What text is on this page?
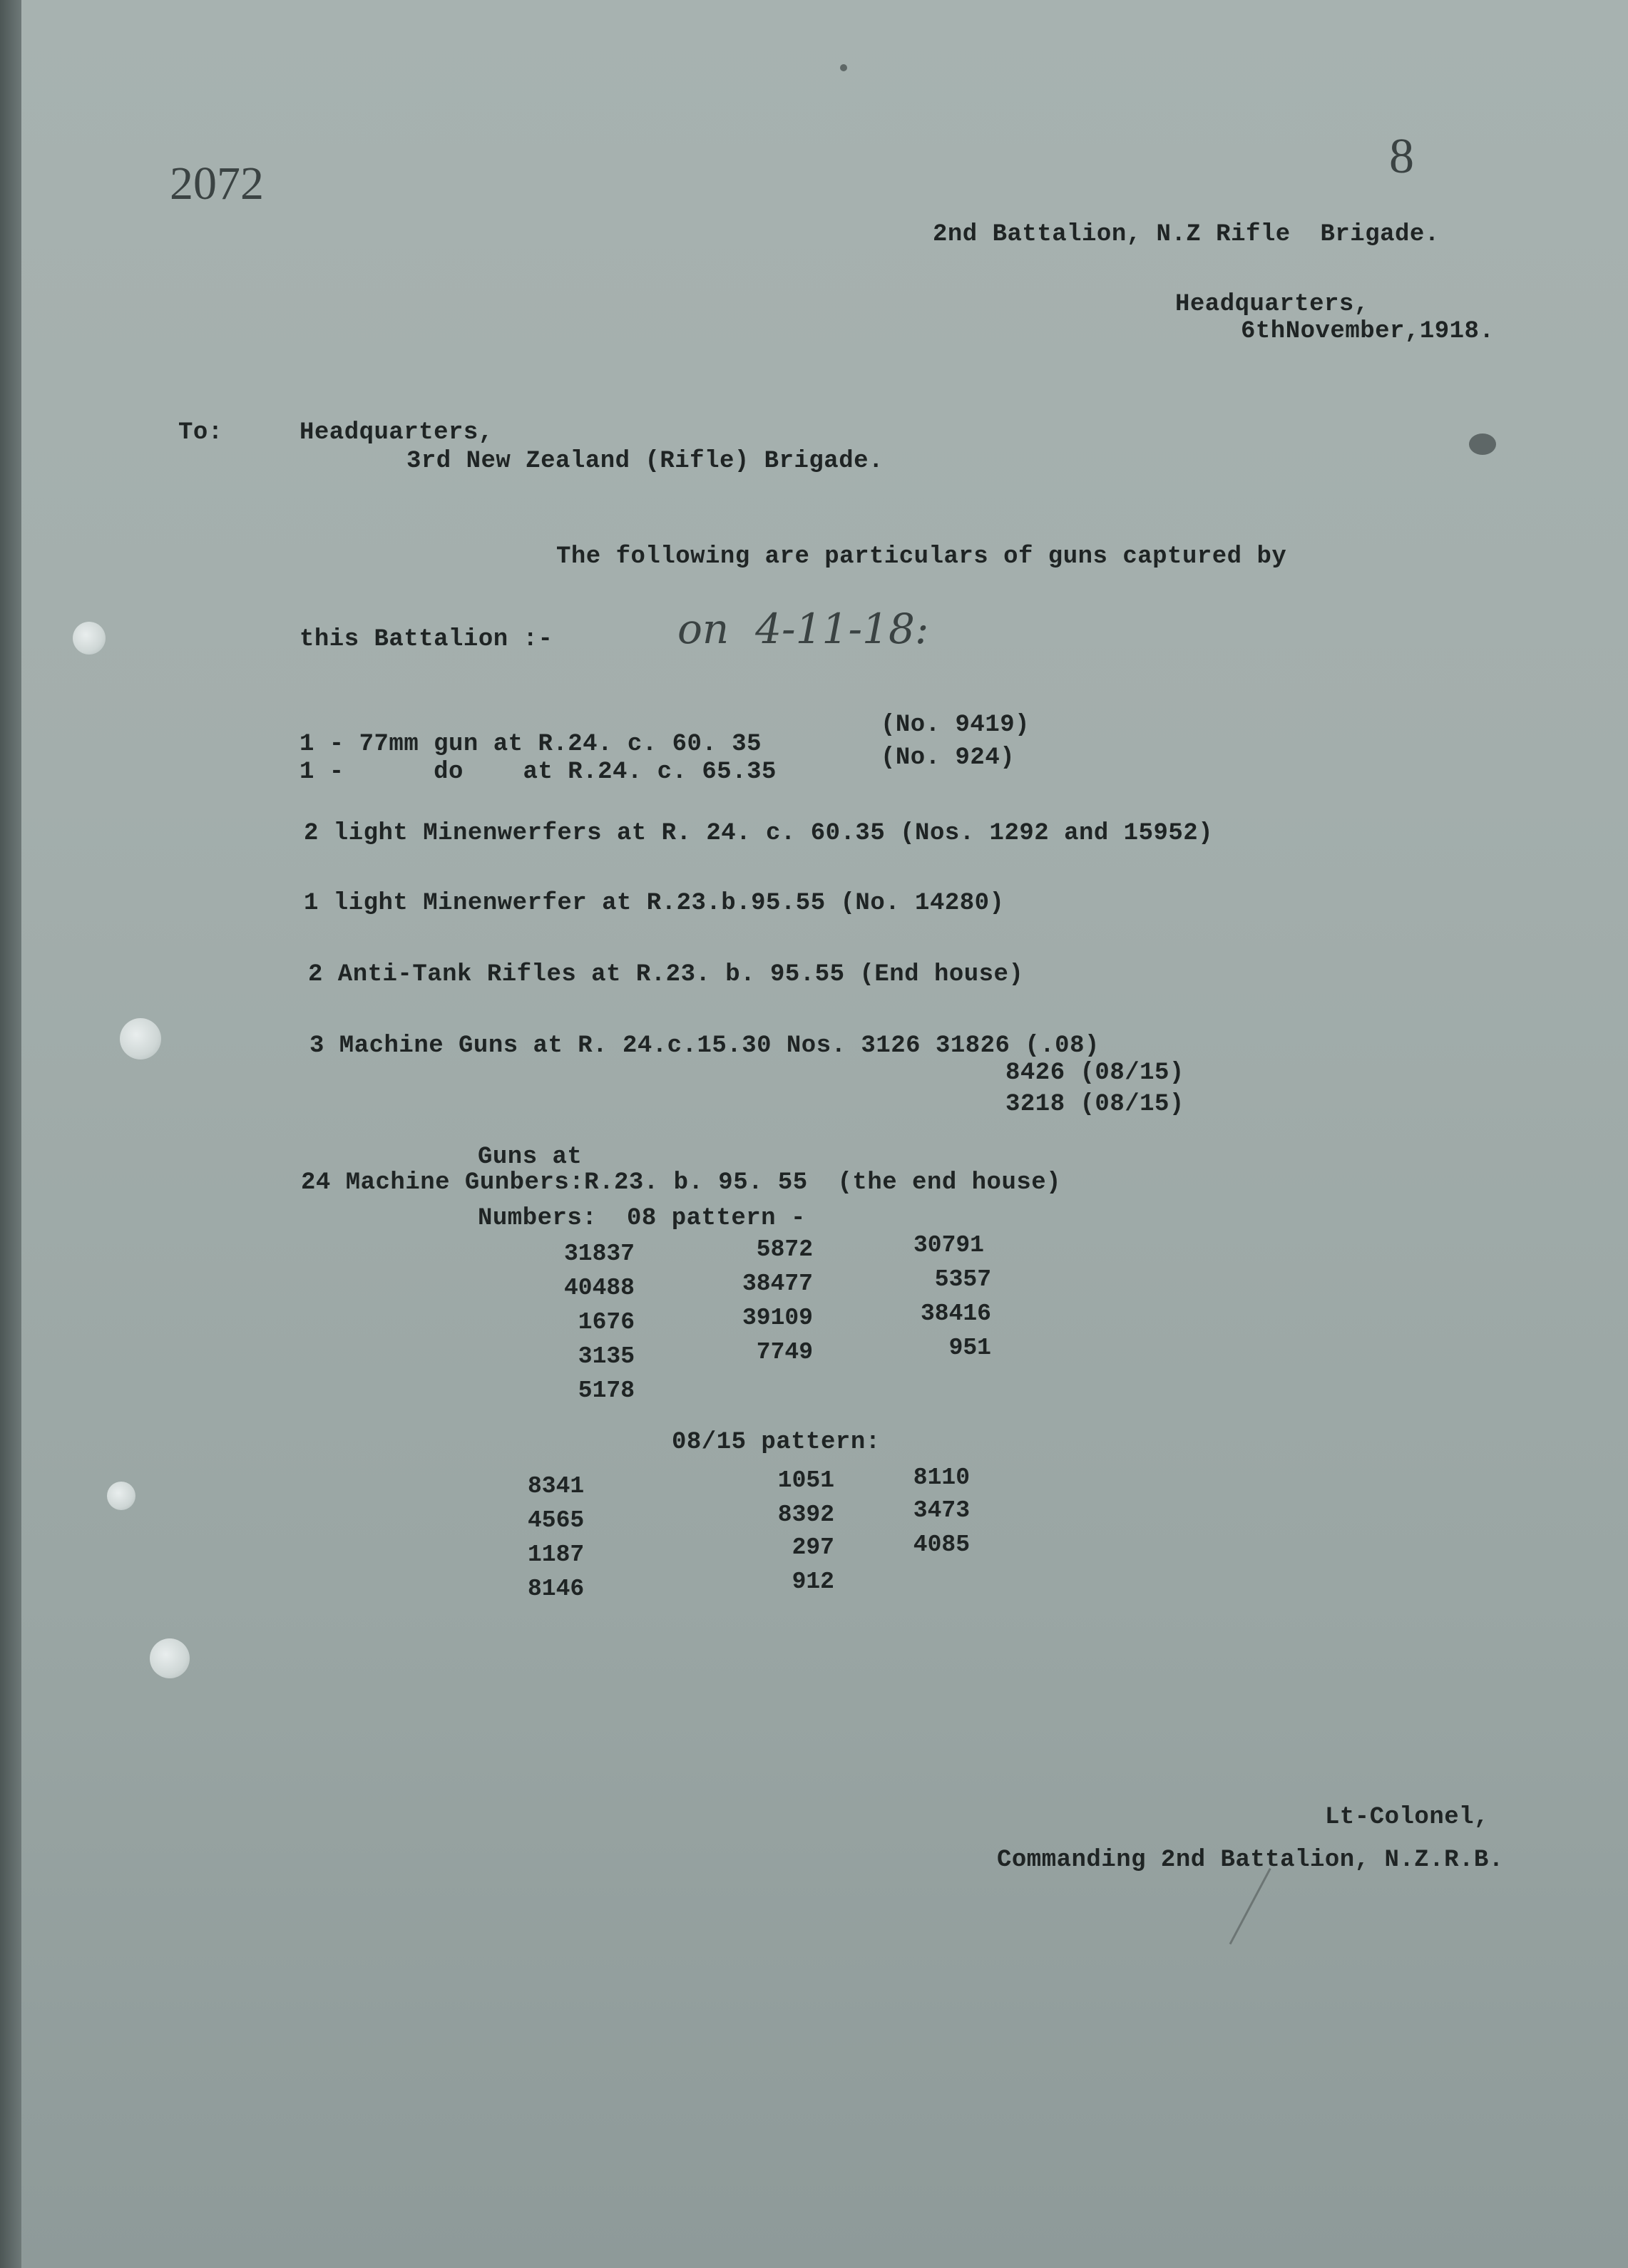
2072	8
2nd Battalion, N.Z Rifle  Brigade.
Headquarters,
6thNovember,1918.
To:	Headquarters,
3rd New Zealand (Rifle) Brigade.
The following are particulars of guns captured by
this Battalion :-	on  4-11-18:
1 - 77mm gun at R.24. c. 60. 35
(No. 9419)
1 -      do    at R.24. c. 65.35
(No. 924)
2 light Minenwerfers at R. 24. c. 60.35 (Nos. 1292 and 15952)
1 light Minenwerfer at R.23.b.95.55 (No. 14280)
2 Anti-Tank Rifles at R.23. b. 95.55 (End house)
3 Machine Guns at R. 24.c.15.30 Nos. 3126 31826 (.08)
8426 (08/15)
3218 (08/15)
Guns at
24 Machine Gunbers:R.23. b. 95. 55  (the end house)
Numbers:  08 pattern -
31837	5872	30791
40488	38477	5357
1676	39109	38416
3135	7749	951
5178
08/15 pattern:
8341	1051	8110
4565	8392	3473
1187	297	4085
8146	912
Lt-Colonel,
Commanding 2nd Battalion, N.Z.R.B.
